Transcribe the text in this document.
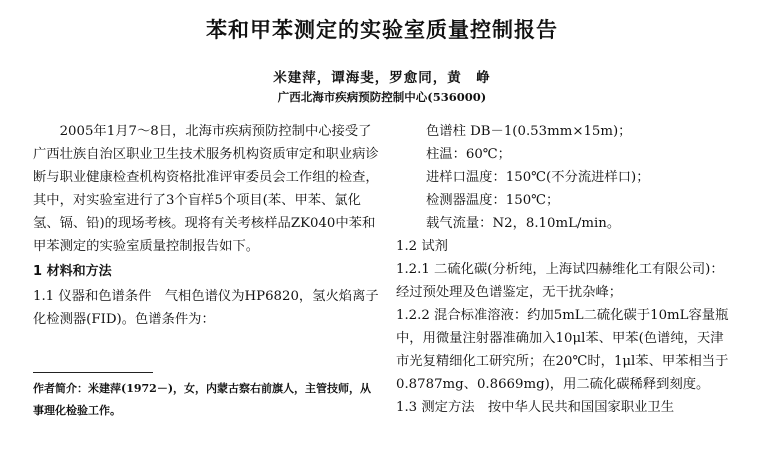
苯和甲苯测定的实验室质量控制报告
米建萍，谭海斐，罗愈同，黄　峥
广西北海市疾病预防控制中心(536000)

2005年1月7～8日，北海市疾病预防控制中心接受了广西壮族自治区职业卫生技术服务机构资质审定和职业病诊断与职业健康检查机构资格批准评审委员会工作组的检查，其中，对实验室进行了3个盲样5个项目(苯、甲苯、氯化氢、镉、铅)的现场考核。现将有关考核样品ZK040中苯和甲苯测定的实验室质量控制报告如下。

1 材料和方法

1.1 仪器和色谱条件　气相色谱仪为HP6820，氢火焰离子化检测器(FID)。色谱条件为：

作者简介：米建萍(1972－)，女，内蒙古察右前旗人，主管技师，从事理化检验工作。

色谱柱 DB－1(0.53mm×15m)；

柱温：60℃；

进样口温度：150℃(不分流进样口)；

检测器温度：150℃；

载气流量：N2，8.10mL/min。

1.2 试剂

1.2.1 二硫化碳(分析纯，上海试四赫维化工有限公司)：经过预处理及色谱鉴定，无干扰杂峰；

1.2.2 混合标准溶液：约加5mL二硫化碳于10mL容量瓶中，用微量注射器准确加入10μl苯、甲苯(色谱纯，天津市光复精细化工研究所；在20℃时，1μl苯、甲苯相当于0.8787mg、0.8669mg)，用二硫化碳稀释到刻度。

1.3 测定方法　按中华人民共和国国家职业卫生
